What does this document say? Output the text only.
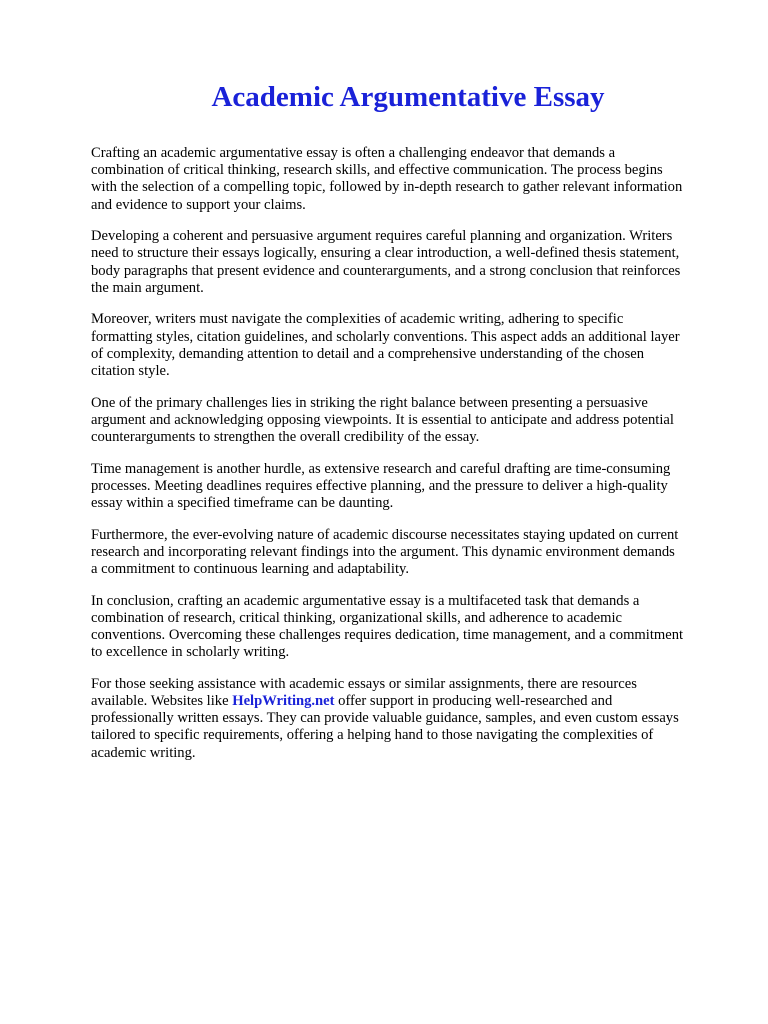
Academic Argumentative Essay

Crafting an academic argumentative essay is often a challenging endeavor that demands a
combination of critical thinking, research skills, and effective communication. The process begins
with the selection of a compelling topic, followed by in-depth research to gather relevant information
and evidence to support your claims.

Developing a coherent and persuasive argument requires careful planning and organization. Writers
need to structure their essays logically, ensuring a clear introduction, a well-defined thesis statement,
body paragraphs that present evidence and counterarguments, and a strong conclusion that reinforces
the main argument.

Moreover, writers must navigate the complexities of academic writing, adhering to specific
formatting styles, citation guidelines, and scholarly conventions. This aspect adds an additional layer
of complexity, demanding attention to detail and a comprehensive understanding of the chosen
citation style.

One of the primary challenges lies in striking the right balance between presenting a persuasive
argument and acknowledging opposing viewpoints. It is essential to anticipate and address potential
counterarguments to strengthen the overall credibility of the essay.

Time management is another hurdle, as extensive research and careful drafting are time-consuming
processes. Meeting deadlines requires effective planning, and the pressure to deliver a high-quality
essay within a specified timeframe can be daunting.

Furthermore, the ever-evolving nature of academic discourse necessitates staying updated on current
research and incorporating relevant findings into the argument. This dynamic environment demands
a commitment to continuous learning and adaptability.

In conclusion, crafting an academic argumentative essay is a multifaceted task that demands a
combination of research, critical thinking, organizational skills, and adherence to academic
conventions. Overcoming these challenges requires dedication, time management, and a commitment
to excellence in scholarly writing.

For those seeking assistance with academic essays or similar assignments, there are resources
available. Websites like HelpWriting.net offer support in producing well-researched and
professionally written essays. They can provide valuable guidance, samples, and even custom essays
tailored to specific requirements, offering a helping hand to those navigating the complexities of
academic writing.
